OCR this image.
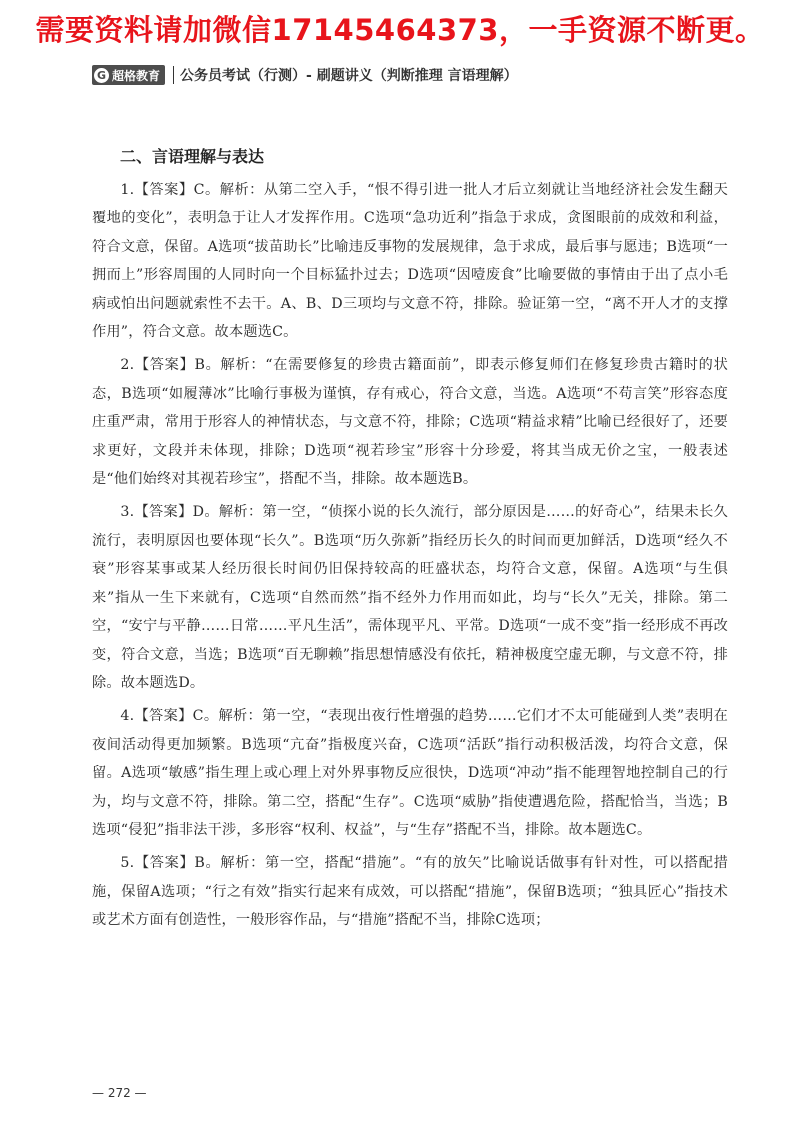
需要资料请加微信17145464373，一手资源不断更。
G 超格教育 公务员考试（行测）- 刷题讲义（判断推理 言语理解）
二、言语理解与表达

1.【答案】C。解析：从第二空入手，“恨不得引进一批人才后立刻就让当地经济社会发生翻天覆地的变化”，表明急于让人才发挥作用。C选项“急功近利”指急于求成，贪图眼前的成效和利益，符合文意，保留。A选项“拔苗助长”比喻违反事物的发展规律，急于求成，最后事与愿违；B选项“一拥而上”形容周围的人同时向一个目标猛扑过去；D选项“因噎废食”比喻要做的事情由于出了点小毛病或怕出问题就索性不去干。A、B、D三项均与文意不符，排除。验证第一空，“离不开人才的支撑作用”，符合文意。故本题选C。

2.【答案】B。解析：“在需要修复的珍贵古籍面前”，即表示修复师们在修复珍贵古籍时的状态，B选项“如履薄冰”比喻行事极为谨慎，存有戒心，符合文意，当选。A选项“不苟言笑”形容态度庄重严肃，常用于形容人的神情状态，与文意不符，排除；C选项“精益求精”比喻已经很好了，还要求更好，文段并未体现，排除；D选项“视若珍宝”形容十分珍爱，将其当成无价之宝，一般表述是“他们始终对其视若珍宝”，搭配不当，排除。故本题选B。

3.【答案】D。解析：第一空，“侦探小说的长久流行，部分原因是……的好奇心”，结果未长久流行，表明原因也要体现“长久”。B选项“历久弥新”指经历长久的时间而更加鲜活，D选项“经久不衰”形容某事或某人经历很长时间仍旧保持较高的旺盛状态，均符合文意，保留。A选项“与生俱来”指从一生下来就有，C选项“自然而然”指不经外力作用而如此，均与“长久”无关，排除。第二空，“安宁与平静……日常……平凡生活”，需体现平凡、平常。D选项“一成不变”指一经形成不再改变，符合文意，当选；B选项“百无聊赖”指思想情感没有依托，精神极度空虚无聊，与文意不符，排除。故本题选D。

4.【答案】C。解析：第一空，“表现出夜行性增强的趋势……它们才不太可能碰到人类”表明在夜间活动得更加频繁。B选项“亢奋”指极度兴奋，C选项“活跃”指行动积极活泼，均符合文意，保留。A选项“敏感”指生理上或心理上对外界事物反应很快，D选项“冲动”指不能理智地控制自己的行为，均与文意不符，排除。第二空，搭配“生存”。C选项“威胁”指使遭遇危险，搭配恰当，当选；B选项“侵犯”指非法干涉，多形容“权利、权益”，与“生存”搭配不当，排除。故本题选C。

5.【答案】B。解析：第一空，搭配“措施”。“有的放矢”比喻说话做事有针对性，可以搭配措施，保留A选项；“行之有效”指实行起来有成效，可以搭配“措施”，保留B选项；“独具匠心”指技术或艺术方面有创造性，一般形容作品，与“措施”搭配不当，排除C选项；

— 272 —
